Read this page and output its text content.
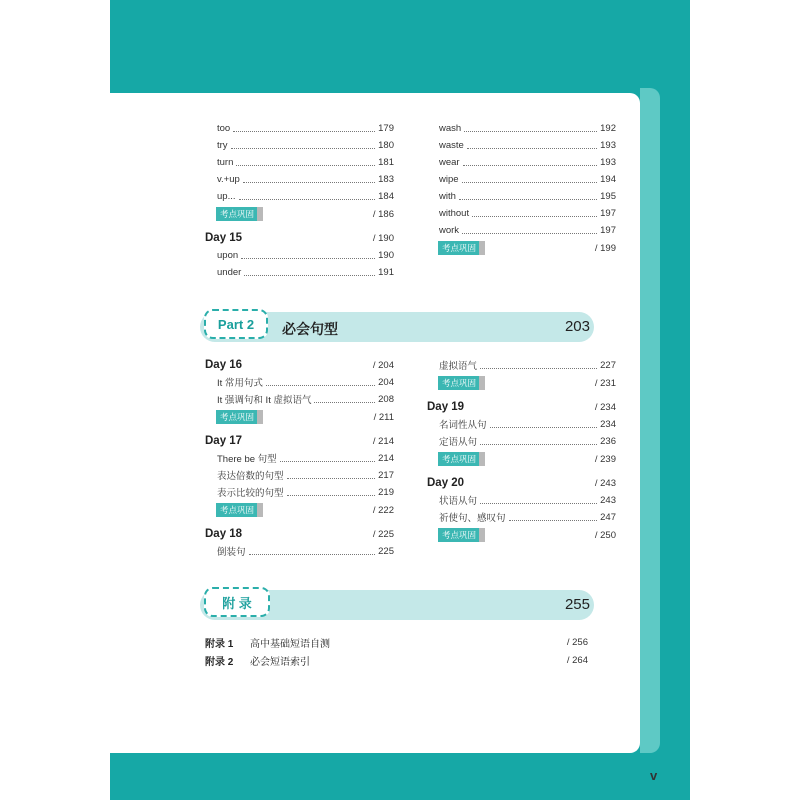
Part 2	必会句型	203
附 录	255
附录 1	高中基础短语自测	/ 256
附录 2	必会短语索引	/ 264
v
too	179
try	180
turn	181
v.+up	183
up...	184
考点巩固	/ 186
Day 15	/ 190
upon	190
under	191
wash	192
waste	193
wear	193
wipe	194
with	195
without	197
work	197
考点巩固	/ 199
Day 16	/ 204
It 常用句式	204
It 强调句和 It 虚拟语气	208
考点巩固	/ 211
Day 17	/ 214
There be 句型	214
表达倍数的句型	217
表示比较的句型	219
考点巩固	/ 222
Day 18	/ 225
倒装句	225
虚拟语气	227
考点巩固	/ 231
Day 19	/ 234
名词性从句	234
定语从句	236
考点巩固	/ 239
Day 20	/ 243
状语从句	243
祈使句、感叹句	247
考点巩固	/ 250
